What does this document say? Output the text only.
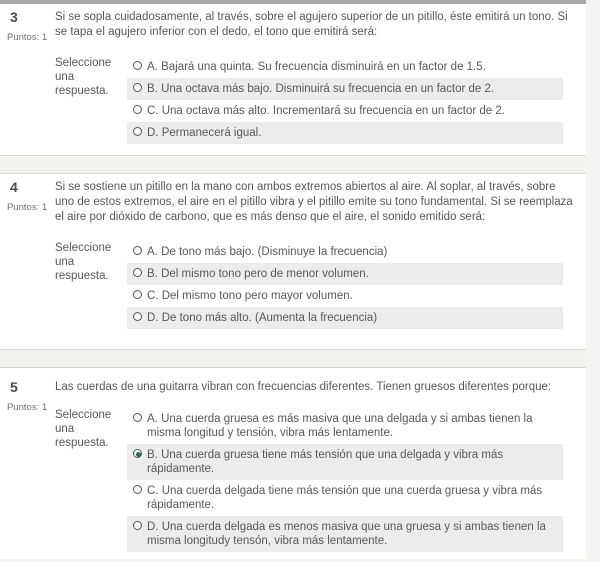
3
Puntos: 1

Si se sopla cuidadosamente, al través, sobre el agujero superior de un pitillo, éste emitirá un tono. Si se tapa el agujero inferior con el dedo, el tono que emitirá será:

Seleccione una respuesta.
A. Bajará una quinta. Su frecuencia disminuirá en un factor de 1.5.
B. Una octava más bajo. Disminuirá su frecuencia en un factor de 2.
C. Una octava más alto. Incrementará su frecuencia en un factor de 2.
D. Permanecerá igual.
4
Puntos: 1

Si se sostiene un pitillo en la mano con ambos extremos abiertos al aire. Al soplar, al través, sobre uno de estos extremos, el aire en el pitillo vibra y el pitillo emite su tono fundamental. Si se reemplaza el aire por dióxido de carbono, que es más denso que el aire, el sonido emitido será:

Seleccione una respuesta.
A. De tono más bajo. (Disminuye la frecuencia)
B. Del mismo tono pero de menor volumen.
C. Del mismo tono pero mayor volumen.
D. De tono más alto. (Aumenta la frecuencia)
5
Puntos: 1

Las cuerdas de una guitarra vibran con frecuencias diferentes. Tienen gruesos diferentes porque:

Seleccione una respuesta.
A. Una cuerda gruesa es más masiva que una delgada y si ambas tienen la misma longitud y tensión, vibra más lentamente.
B. Una cuerda gruesa tiene más tensión que una delgada y vibra más rápidamente.
C. Una cuerda delgada tiene más tensión que una cuerda gruesa y vibra más rápidamente.
D. Una cuerda delgada es menos masiva que una gruesa y si ambas tienen la misma longitudy tensón, vibra más lentamente.
